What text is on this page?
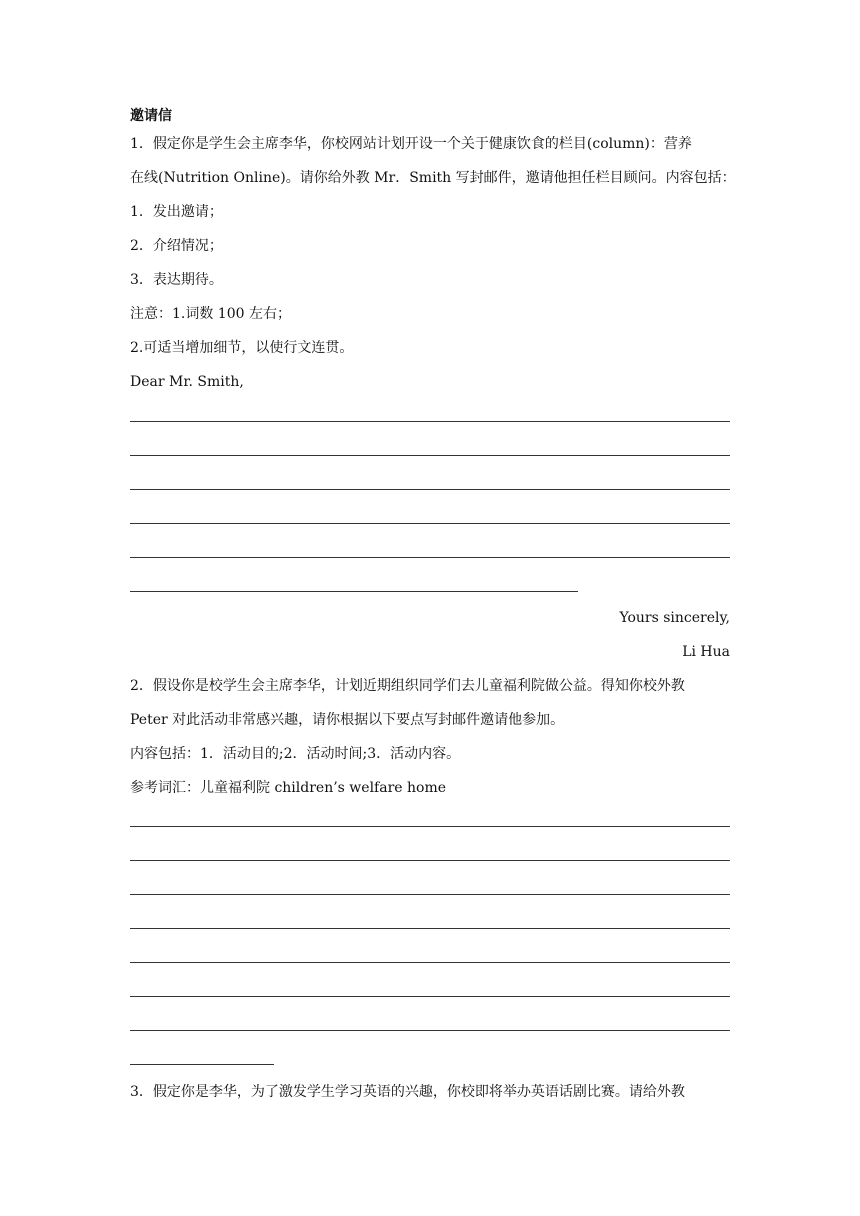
邀请信
1．假定你是学生会主席李华，你校网站计划开设一个关于健康饮食的栏目(column)：营养
在线(Nutrition Online)。请你给外教 Mr．Smith 写封邮件，邀请他担任栏目顾问。内容包括：
1．发出邀请；
2．介绍情况；
3．表达期待。
注意：1.词数 100 左右；
2.可适当增加细节，以使行文连贯。
Dear Mr. Smith,
Yours sincerely,
Li Hua
2．假设你是校学生会主席李华，计划近期组织同学们去儿童福利院做公益。得知你校外教
Peter 对此活动非常感兴趣，请你根据以下要点写封邮件邀请他参加。
内容包括：1．活动目的;2．活动时间;3．活动内容。
参考词汇：儿童福利院 children’s welfare home
3．假定你是李华，为了激发学生学习英语的兴趣，你校即将举办英语话剧比赛。请给外教
